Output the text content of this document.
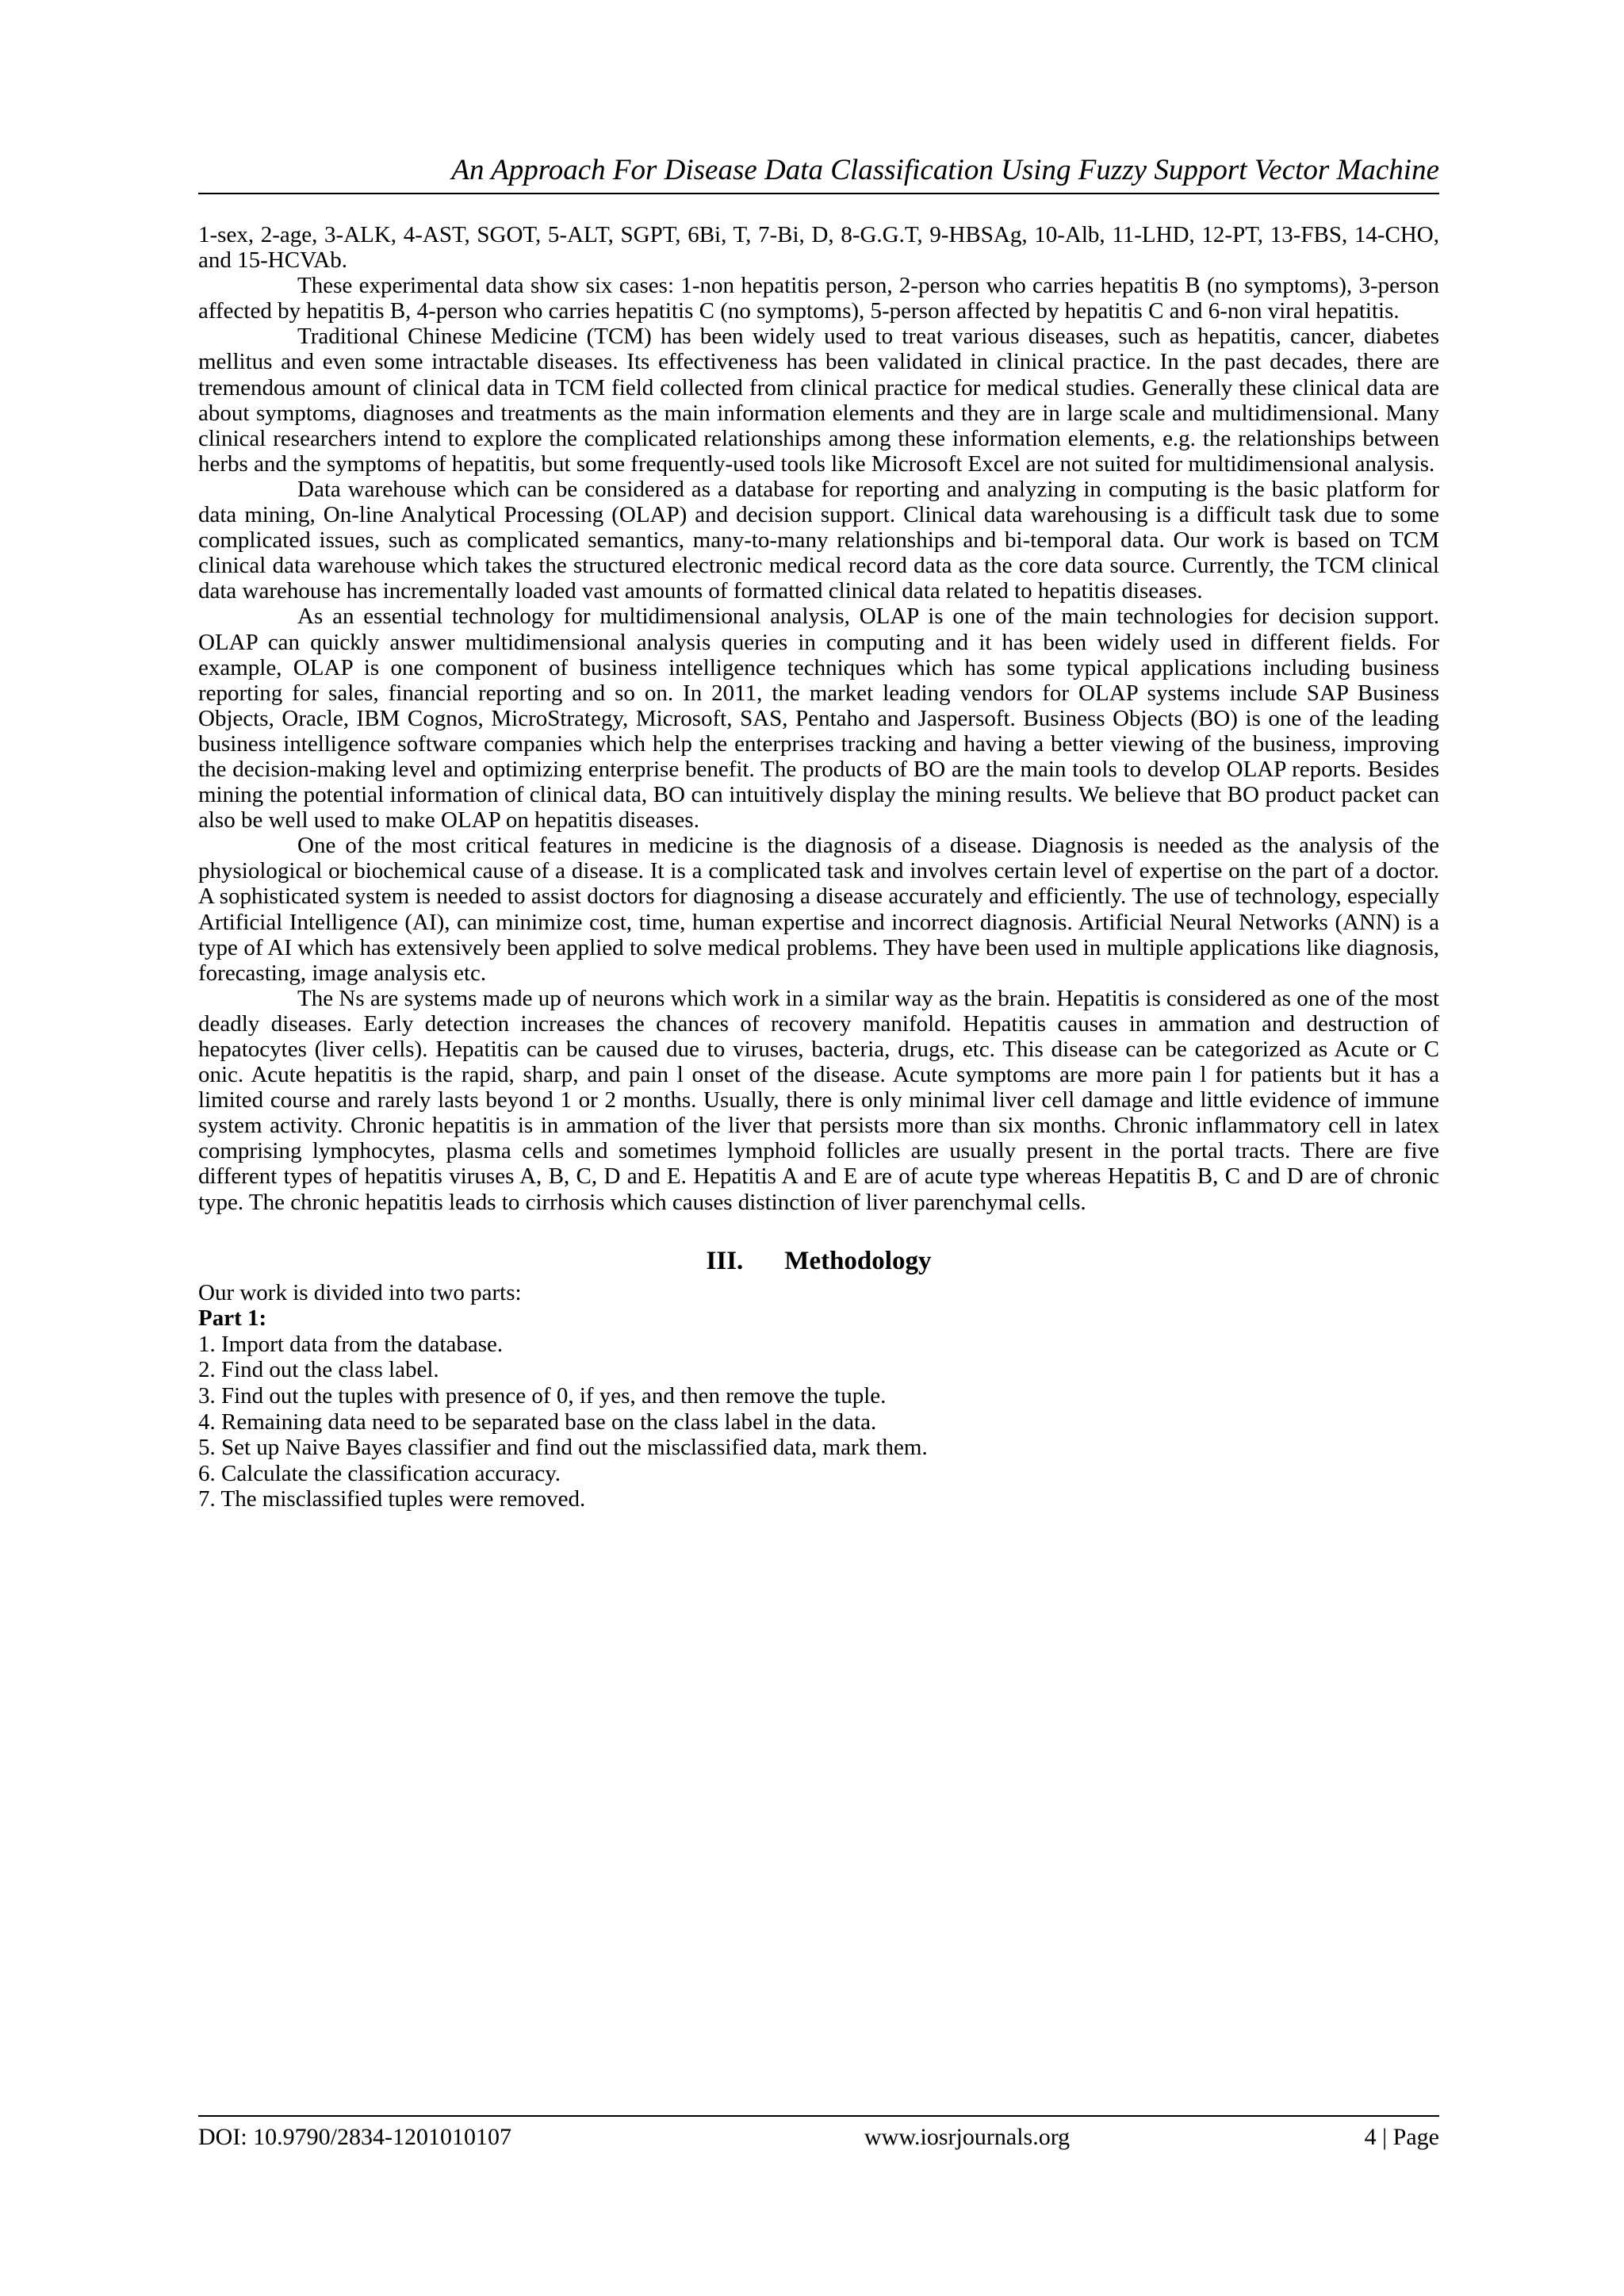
An Approach For Disease Data Classification Using Fuzzy Support Vector Machine

1-sex, 2-age, 3-ALK, 4-AST, SGOT, 5-ALT, SGPT, 6Bi, T, 7-Bi, D, 8-G.G.T, 9-HBSAg, 10-Alb, 11-LHD, 12-PT, 13-FBS, 14-CHO, and 15-HCVAb.

These experimental data show six cases: 1-non hepatitis person, 2-person who carries hepatitis B (no symptoms), 3-person affected by hepatitis B, 4-person who carries hepatitis C (no symptoms), 5-person affected by hepatitis C and 6-non viral hepatitis.

Traditional Chinese Medicine (TCM) has been widely used to treat various diseases, such as hepatitis, cancer, diabetes mellitus and even some intractable diseases. Its effectiveness has been validated in clinical practice. In the past decades, there are tremendous amount of clinical data in TCM field collected from clinical practice for medical studies. Generally these clinical data are about symptoms, diagnoses and treatments as the main information elements and they are in large scale and multidimensional. Many clinical researchers intend to explore the complicated relationships among these information elements, e.g. the relationships between herbs and the symptoms of hepatitis, but some frequently-used tools like Microsoft Excel are not suited for multidimensional analysis.

Data warehouse which can be considered as a database for reporting and analyzing in computing is the basic platform for data mining, On-line Analytical Processing (OLAP) and decision support. Clinical data warehousing is a difficult task due to some complicated issues, such as complicated semantics, many-to-many relationships and bi-temporal data. Our work is based on TCM clinical data warehouse which takes the structured electronic medical record data as the core data source. Currently, the TCM clinical data warehouse has incrementally loaded vast amounts of formatted clinical data related to hepatitis diseases.

As an essential technology for multidimensional analysis, OLAP is one of the main technologies for decision support. OLAP can quickly answer multidimensional analysis queries in computing and it has been widely used in different fields. For example, OLAP is one component of business intelligence techniques which has some typical applications including business reporting for sales, financial reporting and so on. In 2011, the market leading vendors for OLAP systems include SAP Business Objects, Oracle, IBM Cognos, MicroStrategy, Microsoft, SAS, Pentaho and Jaspersoft. Business Objects (BO) is one of the leading business intelligence software companies which help the enterprises tracking and having a better viewing of the business, improving the decision-making level and optimizing enterprise benefit. The products of BO are the main tools to develop OLAP reports. Besides mining the potential information of clinical data, BO can intuitively display the mining results. We believe that BO product packet can also be well used to make OLAP on hepatitis diseases.

One of the most critical features in medicine is the diagnosis of a disease. Diagnosis is needed as the analysis of the physiological or biochemical cause of a disease. It is a complicated task and involves certain level of expertise on the part of a doctor. A sophisticated system is needed to assist doctors for diagnosing a disease accurately and efficiently. The use of technology, especially Artificial Intelligence (AI), can minimize cost, time, human expertise and incorrect diagnosis. Artificial Neural Networks (ANN) is a type of AI which has extensively been applied to solve medical problems. They have been used in multiple applications like diagnosis, forecasting, image analysis etc.

The Ns are systems made up of neurons which work in a similar way as the brain. Hepatitis is considered as one of the most deadly diseases. Early detection increases the chances of recovery manifold. Hepatitis causes in ammation and destruction of hepatocytes (liver cells). Hepatitis can be caused due to viruses, bacteria, drugs, etc. This disease can be categorized as Acute or C onic. Acute hepatitis is the rapid, sharp, and pain l onset of the disease. Acute symptoms are more pain l for patients but it has a limited course and rarely lasts beyond 1 or 2 months. Usually, there is only minimal liver cell damage and little evidence of immune system activity. Chronic hepatitis is in ammation of the liver that persists more than six months. Chronic inflammatory cell in latex comprising lymphocytes, plasma cells and sometimes lymphoid follicles are usually present in the portal tracts. There are five different types of hepatitis viruses A, B, C, D and E. Hepatitis A and E are of acute type whereas Hepatitis B, C and D are of chronic type. The chronic hepatitis leads to cirrhosis which causes distinction of liver parenchymal cells.

III. Methodology

Our work is divided into two parts:

Part 1:

1. Import data from the database.

2. Find out the class label.

3. Find out the tuples with presence of 0, if yes, and then remove the tuple.

4. Remaining data need to be separated base on the class label in the data.

5. Set up Naive Bayes classifier and find out the misclassified data, mark them.

6. Calculate the classification accuracy.

7. The misclassified tuples were removed.

DOI: 10.9790/2834-1201010107	www.iosrjournals.org	4 | Page
